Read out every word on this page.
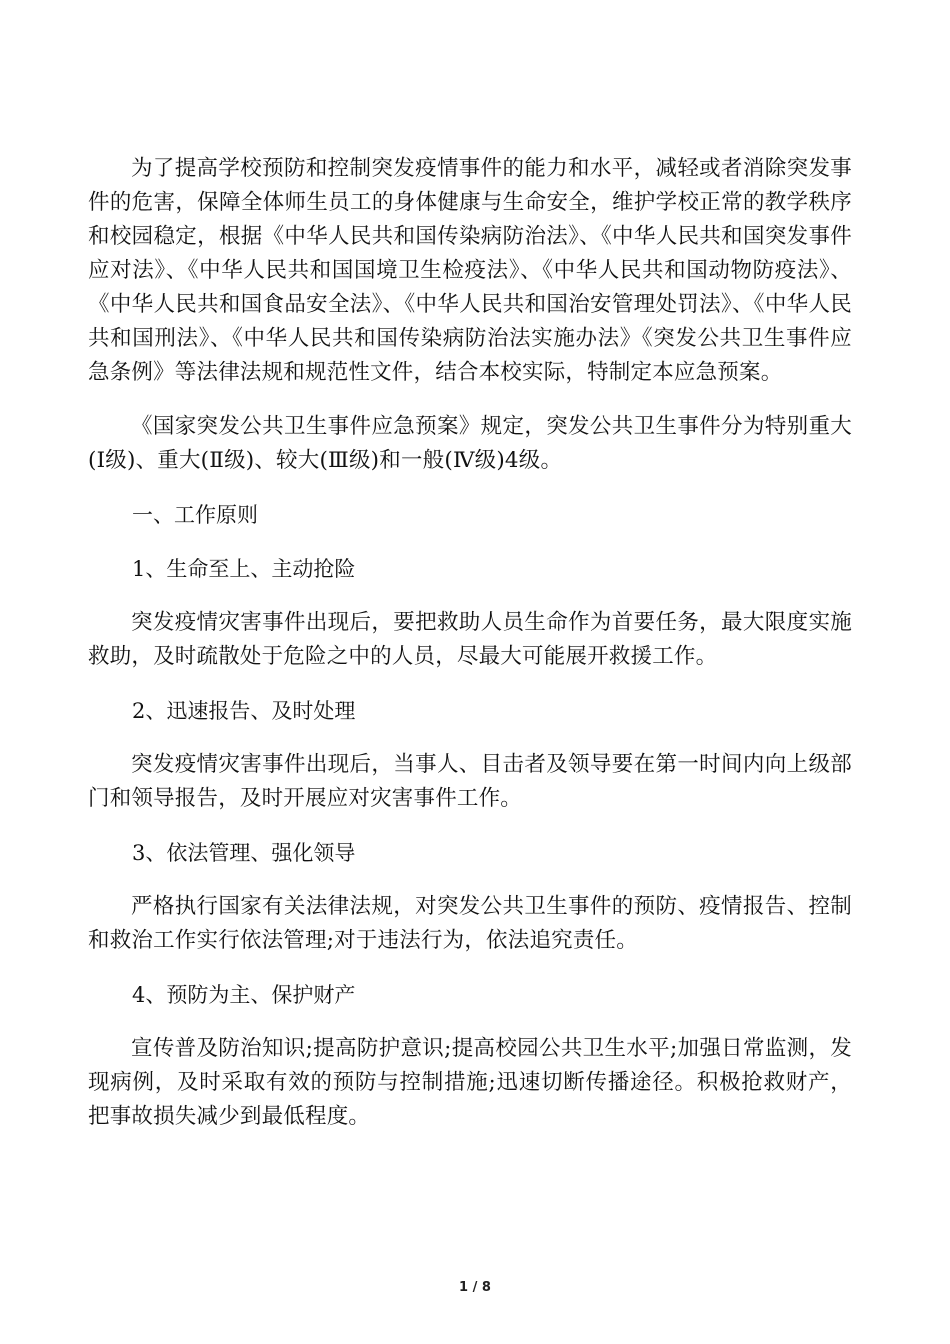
为了提高学校预防和控制突发疫情事件的能力和水平，减轻或者消除突发事件的危害，保障全体师生员工的身体健康与生命安全，维护学校正常的教学秩序和校园稳定，根据《中华人民共和国传染病防治法》、《中华人民共和国突发事件应对法》、《中华人民共和国国境卫生检疫法》、《中华人民共和国动物防疫法》、《中华人民共和国食品安全法》、《中华人民共和国治安管理处罚法》、《中华人民共和国刑法》、《中华人民共和国传染病防治法实施办法》《突发公共卫生事件应急条例》等法律法规和规范性文件，结合本校实际，特制定本应急预案。

《国家突发公共卫生事件应急预案》规定，突发公共卫生事件分为特别重大(Ⅰ级)、重大(Ⅱ级)、较大(Ⅲ级)和一般(Ⅳ级)4级。

一、工作原则

1、生命至上、主动抢险

突发疫情灾害事件出现后，要把救助人员生命作为首要任务，最大限度实施救助，及时疏散处于危险之中的人员，尽最大可能展开救援工作。

2、迅速报告、及时处理

突发疫情灾害事件出现后，当事人、目击者及领导要在第一时间内向上级部门和领导报告，及时开展应对灾害事件工作。

3、依法管理、强化领导

严格执行国家有关法律法规，对突发公共卫生事件的预防、疫情报告、控制和救治工作实行依法管理;对于违法行为，依法追究责任。

4、预防为主、保护财产

宣传普及防治知识;提高防护意识;提高校园公共卫生水平;加强日常监测，发现病例，及时采取有效的预防与控制措施;迅速切断传播途径。积极抢救财产，把事故损失减少到最低程度。

1 / 8
